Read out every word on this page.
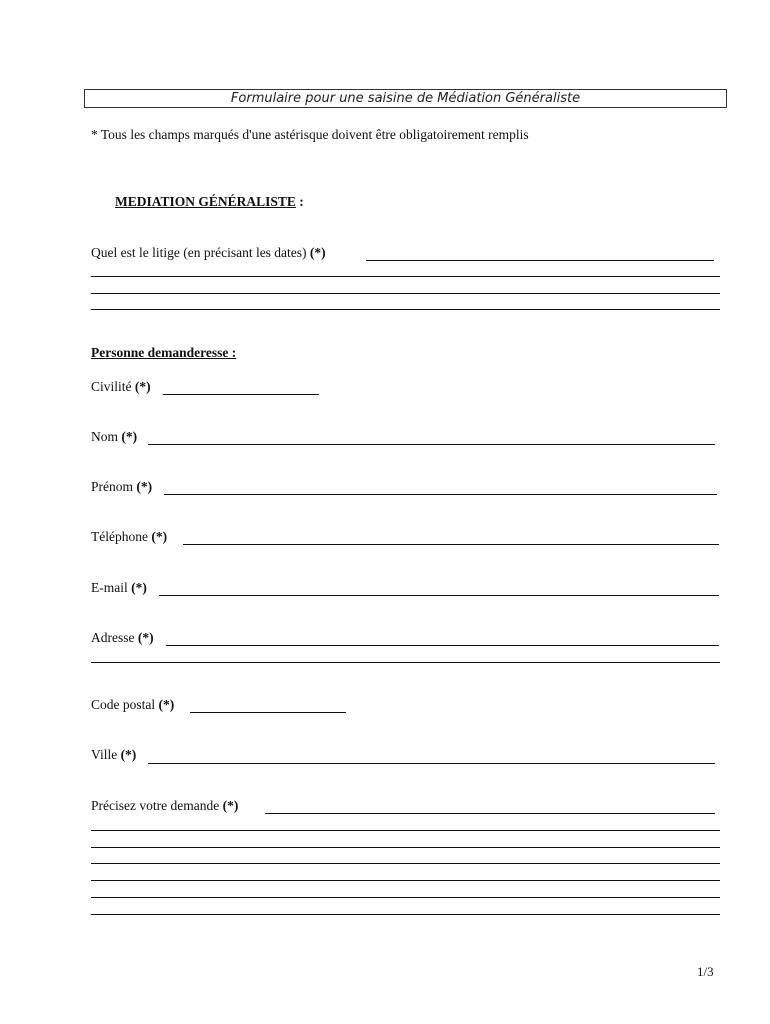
Formulaire pour une saisine de Médiation Généraliste
* Tous les champs marqués d'une astérisque doivent être obligatoirement remplis
MEDIATION GÉNÉRALISTE :
Quel est le litige (en précisant les dates) (*)
Personne demanderesse :
Civilité (*)
Nom (*)
Prénom (*)
Téléphone (*)
E-mail (*)
Adresse (*)
Code postal (*)
Ville (*)
Précisez votre demande (*)
1/3
